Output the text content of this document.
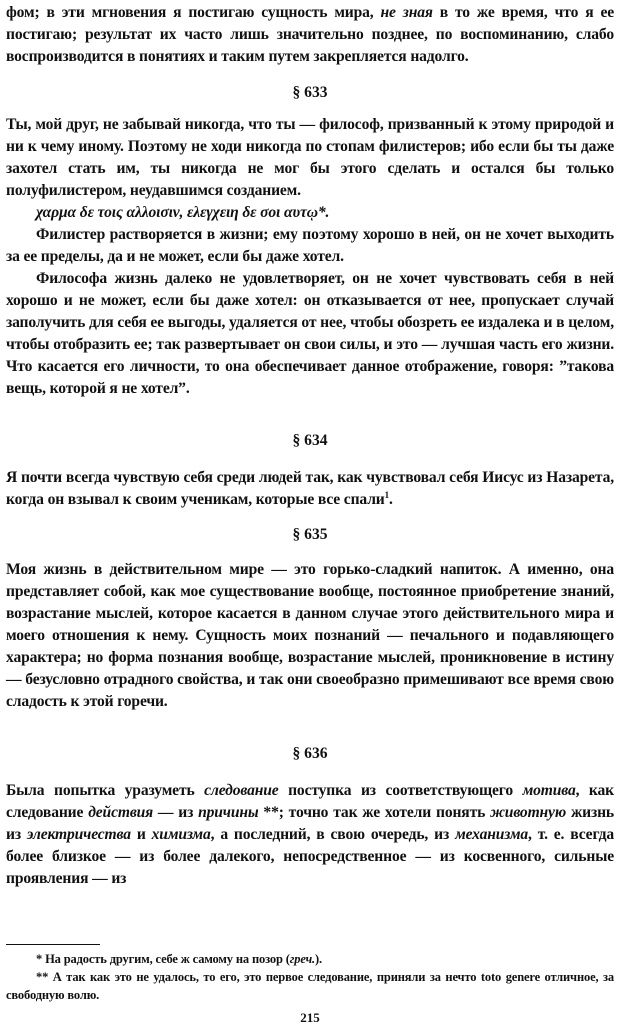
фом; в эти мгновения я постигаю сущность мира, не зная в то же время, что я ее постигаю; результат их часто лишь значительно позднее, по воспоминанию, слабо воспроизводится в понятиях и таким путем закрепляется надолго.

§ 633

Ты, мой друг, не забывай никогда, что ты — философ, призванный к этому природой и ни к чему иному. Поэтому не ходи никогда по стопам филистеров; ибо если бы ты даже захотел стать им, ты никогда не мог бы этого сделать и остался бы только полуфилистером, неудавшимся созданием.

χαρμα δε τοις αλλοισιν, ελεγχειη δε σοι αυτῳ*.

Филистер растворяется в жизни; ему поэтому хорошо в ней, он не хочет выходить за ее пределы, да и не может, если бы даже хотел.

Философа жизнь далеко не удовлетворяет, он не хочет чувствовать себя в ней хорошо и не может, если бы даже хотел: он отказывается от нее, пропускает случай заполучить для себя ее выгоды, удаляется от нее, чтобы обозреть ее издалека и в целом, чтобы отобразить ее; так развертывает он свои силы, и это — лучшая часть его жизни. Что касается его личности, то она обеспечивает данное отображение, говоря: ”такова вещь, которой я не хотел”.

§ 634

Я почти всегда чувствую себя среди людей так, как чувствовал себя Иисус из Назарета, когда он взывал к своим ученикам, которые все спали$^1$.

§ 635

Моя жизнь в действительном мире — это горько-сладкий напиток. А именно, она представляет собой, как мое существование вообще, постоянное приобретение знаний, возрастание мыслей, которое касается в данном случае этого действительного мира и моего отношения к нему. Сущность моих познаний — печального и подавляющего характера; но форма познания вообще, возрастание мыслей, проникновение в истину — безусловно отрадного свойства, и так они своеобразно примешивают все время свою сладость к этой горечи.

§ 636

Была попытка уразуметь следование поступка из соответствующего мотива, как следование действия — из причины **; точно так же хотели понять животную жизнь из электричества и химизма, а последний, в свою очередь, из механизма, т. е. всегда более близкое — из более далекого, непосредственное — из косвенного, сильные проявления — из

* На радость другим, себе ж самому на позор (греч.).

** А так как это не удалось, то его, это первое следование, приняли за нечто toto genere отличное, за свободную волю.

215
